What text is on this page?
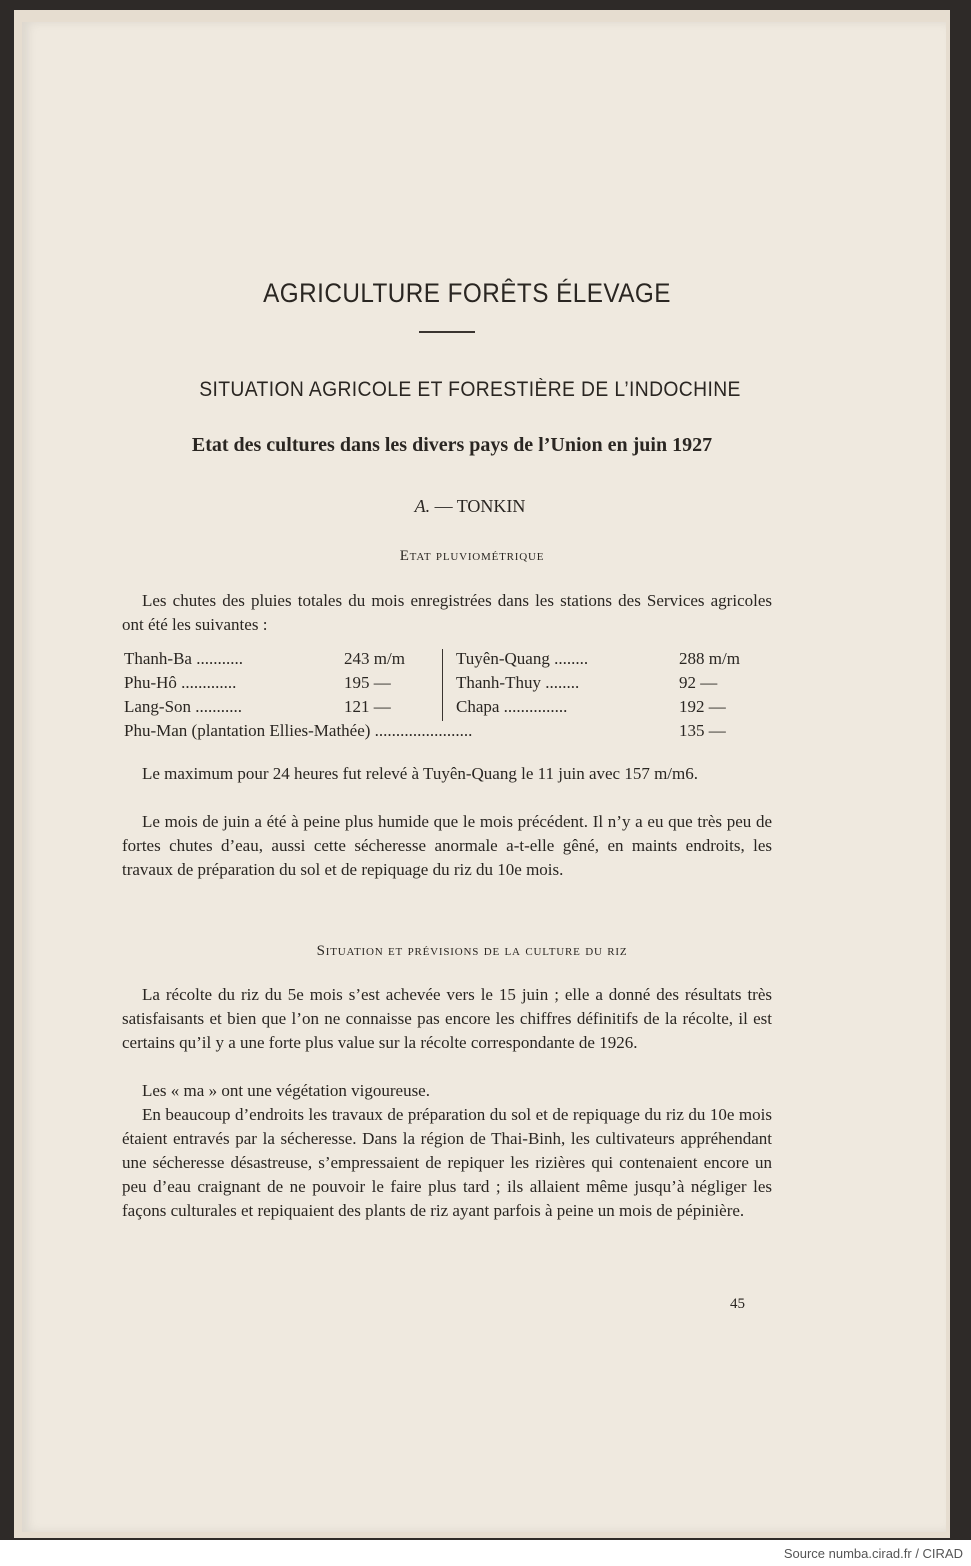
AGRICULTURE FORÊTS ÉLEVAGE
SITUATION AGRICOLE ET FORESTIÈRE DE L’INDOCHINE
Etat des cultures dans les divers pays de l’Union en juin 1927
A. — TONKIN
Etat pluviométrique
Les chutes des pluies totales du mois enregistrées dans les stations des Services agricoles ont été les suivantes :
Thanh-Ba ...........	243 m/m	Tuyên-Quang ........	288 m/m
Phu-Hô .............	195 —	Thanh-Thuy ........	92 —
Lang-Son ...........	121 —	Chapa ...............	192 —
Phu-Man (plantation Ellies-Mathée) .......................	135 —
Le maximum pour 24 heures fut relevé à Tuyên-Quang le 11 juin avec 157 m/m6.
Le mois de juin a été à peine plus humide que le mois précédent. Il n’y a eu que très peu de fortes chutes d’eau, aussi cette sécheresse anormale a-t-elle gêné, en maints endroits, les travaux de préparation du sol et de repiquage du riz du 10e mois.
Situation et prévisions de la culture du riz
La récolte du riz du 5e mois s’est achevée vers le 15 juin ; elle a donné des résultats très satisfaisants et bien que l’on ne connaisse pas encore les chiffres définitifs de la récolte, il est certains qu’il y a une forte plus value sur la récolte correspondante de 1926.
Les « ma » ont une végétation vigoureuse.
En beaucoup d’endroits les travaux de préparation du sol et de repiquage du riz du 10e mois étaient entravés par la sécheresse. Dans la région de Thai-Binh, les cultivateurs appréhendant une sécheresse désastreuse, s’empressaient de repiquer les rizières qui contenaient encore un peu d’eau craignant de ne pouvoir le faire plus tard ; ils allaient même jusqu’à négliger les façons culturales et repiquaient des plants de riz ayant parfois à peine un mois de pépinière.
45
Source numba.cirad.fr / CIRAD
